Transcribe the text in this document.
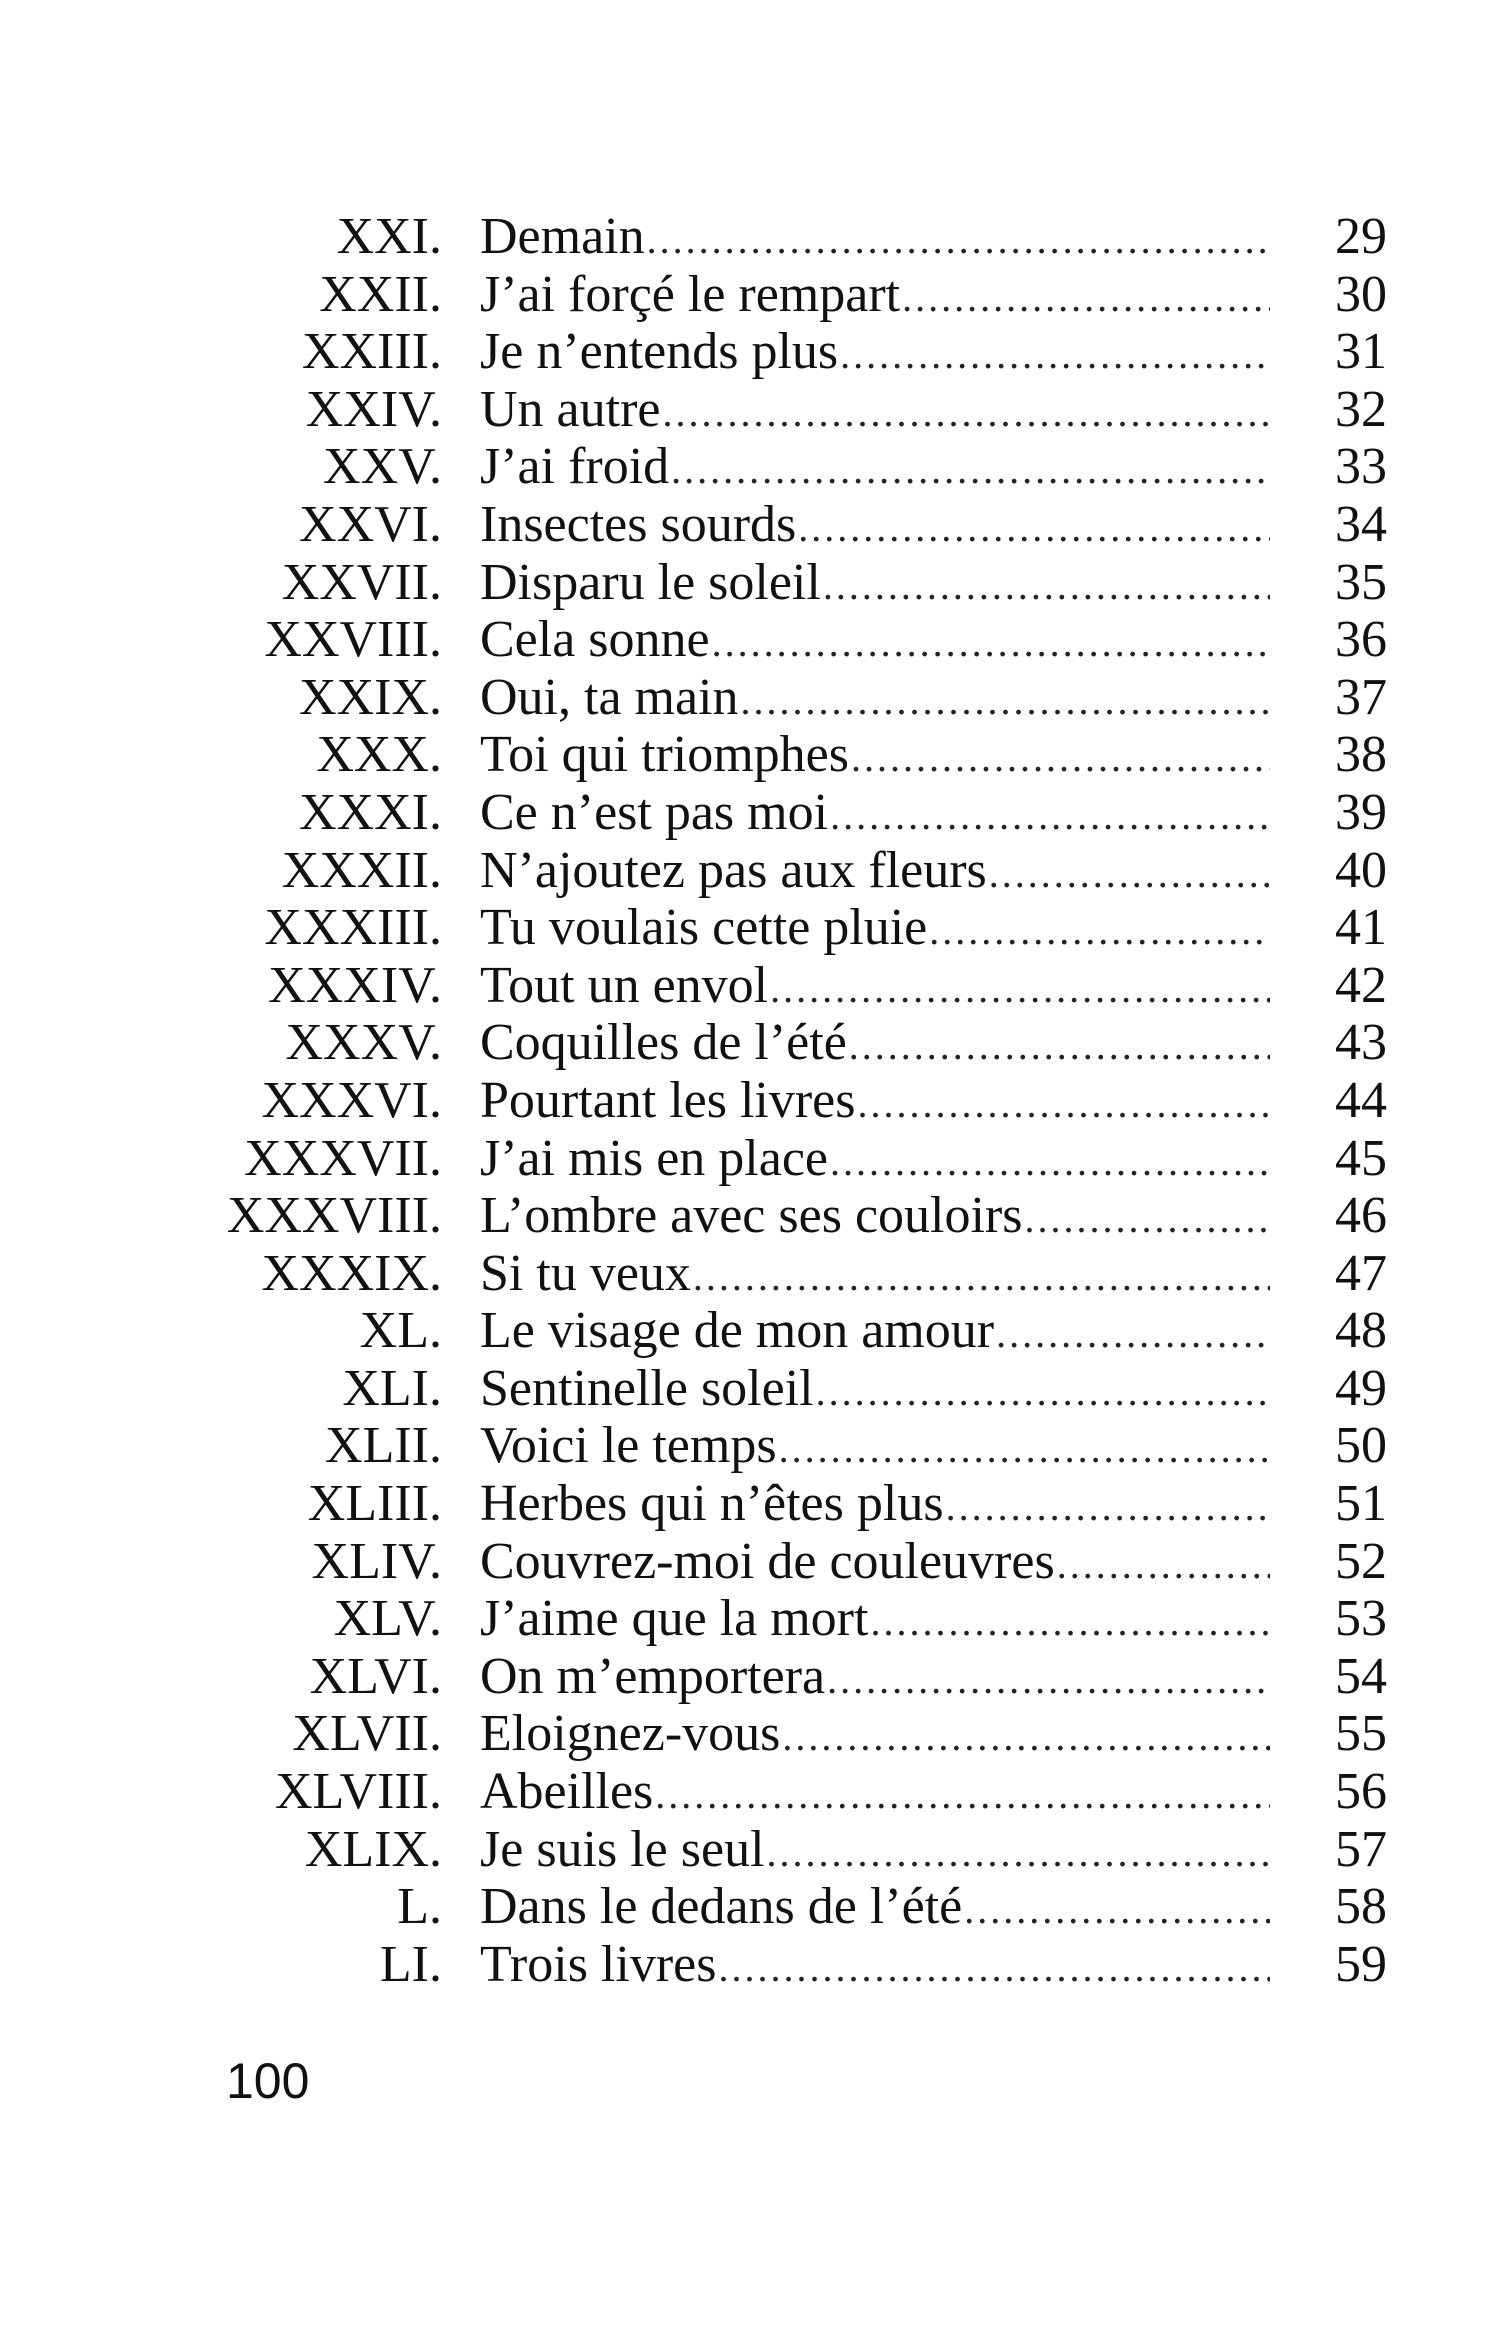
XXI. Demain .....	29
XXII. J’ai forçé le rempart .....	30
XXIII. Je n’entends plus .....	31
XXIV. Un autre .....	32
XXV. J’ai froid .....	33
XXVI. Insectes sourds .....	34
XXVII. Disparu le soleil .....	35
XXVIII. Cela sonne .....	36
XXIX. Oui, ta main .....	37
XXX. Toi qui triomphes .....	38
XXXI. Ce n’est pas moi .....	39
XXXII. N’ajoutez pas aux fleurs .....	40
XXXIII. Tu voulais cette pluie .....	41
XXXIV. Tout un envol .....	42
XXXV. Coquilles de l’été .....	43
XXXVI. Pourtant les livres .....	44
XXXVII. J’ai mis en place .....	45
XXXVIII. L’ombre avec ses couloirs .....	46
XXXIX. Si tu veux .....	47
XL. Le visage de mon amour .....	48
XLI. Sentinelle soleil .....	49
XLII. Voici le temps .....	50
XLIII. Herbes qui n’êtes plus .....	51
XLIV. Couvrez-moi de couleuvres .....	52
XLV. J’aime que la mort .....	53
XLVI. On m’emportera .....	54
XLVII. Eloignez-vous .....	55
XLVIII. Abeilles .....	56
XLIX. Je suis le seul .....	57
L. Dans le dedans de l’été .....	58
LI. Trois livres .....	59
100
